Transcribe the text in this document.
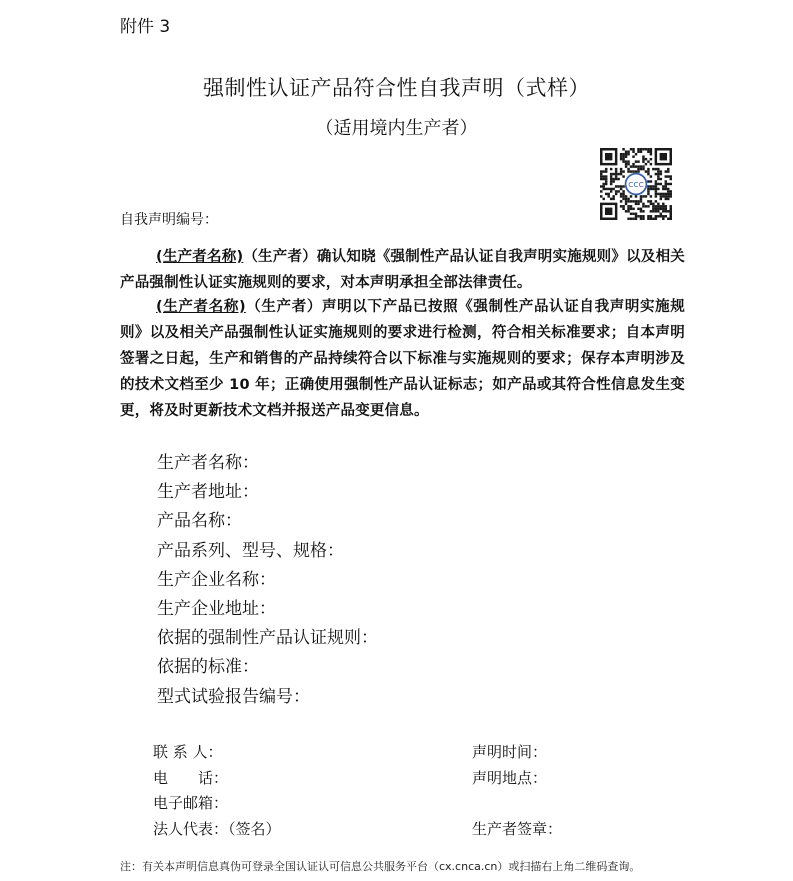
附件 3
强制性认证产品符合性自我声明（式样）
（适用境内生产者）
CCC
自我声明编号：
(生产者名称)（生产者）确认知晓《强制性产品认证自我声明实施规则》以及相关产品强制性认证实施规则的要求，对本声明承担全部法律责任。
(生产者名称)（生产者）声明以下产品已按照《强制性产品认证自我声明实施规则》以及相关产品强制性认证实施规则的要求进行检测，符合相关标准要求；自本声明签署之日起，生产和销售的产品持续符合以下标准与实施规则的要求；保存本声明涉及的技术文档至少 10 年；正确使用强制性产品认证标志；如产品或其符合性信息发生变更，将及时更新技术文档并报送产品变更信息。
生产者名称：
生产者地址：
产品名称：
产品系列、型号、规格：
生产企业名称：
生产企业地址：
依据的强制性产品认证规则：
依据的标准：
型式试验报告编号：
联 系 人：
电　　话：
电子邮箱：
法人代表：（签名）
声明时间：
声明地点：
生产者签章：
注：有关本声明信息真伪可登录全国认证认可信息公共服务平台（cx.cnca.cn）或扫描右上角二维码查询。
